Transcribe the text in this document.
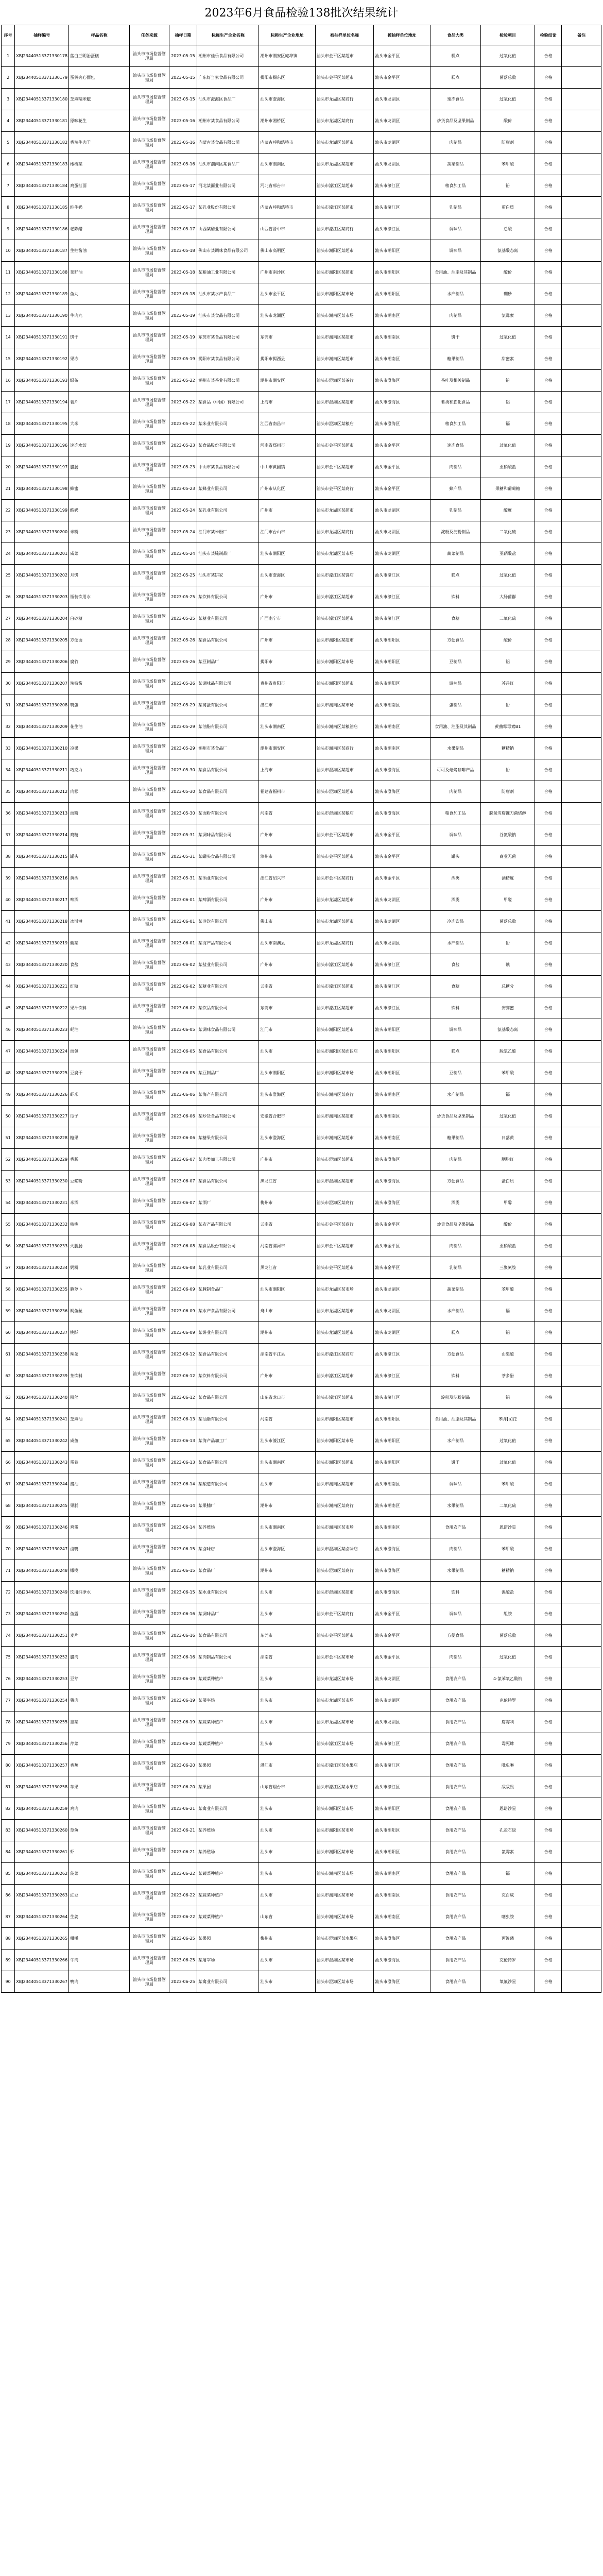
2023年6月食品检验138批次结果统计
序号	抽样编号	样品名称	任务来源	抽样日期	标称生产企业名称	标称生产企业地址	被抽样单位名称	被抽样单位地址	食品大类	检验项目	检验结论	备注
1	XBJ23440513371330178	蓝白三明治蛋糕	汕头市市场监督管理局	2023-05-15	潮州市佳乐食品有限公司	潮州市潮安区庵埠镇	汕头市金平区某超市	汕头市金平区	糕点	过氧化值	合格	
2	XBJ23440513371330179	蛋黄夹心面包	汕头市市场监督管理局	2023-05-15	广东好当家食品有限公司	揭阳市揭东区	汕头市金平区某超市	汕头市金平区	糕点	菌落总数	合格	
3	XBJ23440513371330180	芝麻糯米糍	汕头市市场监督管理局	2023-05-15	汕头市澄海区食品厂	汕头市澄海区	汕头市龙湖区某商行	汕头市龙湖区	速冻食品	过氧化值	合格	
4	XBJ23440513371330181	原味花生	汕头市市场监督管理局	2023-05-16	潮州市某食品有限公司	潮州市湘桥区	汕头市龙湖区某商行	汕头市龙湖区	炒货食品及坚果制品	酸价	合格	
5	XBJ23440513371330182	香辣牛肉干	汕头市市场监督管理局	2023-05-16	内蒙古某食品有限公司	内蒙古呼和浩特市	汕头市龙湖区某超市	汕头市龙湖区	肉制品	防腐剂	合格	
6	XBJ23440513371330183	橄榄菜	汕头市市场监督管理局	2023-05-16	汕头市潮南区某食品厂	汕头市潮南区	汕头市龙湖区某超市	汕头市龙湖区	蔬菜制品	苯甲酸	合格	
7	XBJ23440513371330184	鸡蛋挂面	汕头市市场监督管理局	2023-05-17	河北某面业有限公司	河北省邢台市	汕头市濠江区某超市	汕头市濠江区	粮食加工品	铅	合格	
8	XBJ23440513371330185	纯牛奶	汕头市市场监督管理局	2023-05-17	某乳业股份有限公司	内蒙古呼和浩特市	汕头市濠江区某超市	汕头市濠江区	乳制品	蛋白质	合格	
9	XBJ23440513371330186	老陈醋	汕头市市场监督管理局	2023-05-17	山西某醋业有限公司	山西省晋中市	汕头市濠江区某商行	汕头市濠江区	调味品	总酸	合格	
10	XBJ23440513371330187	生抽酱油	汕头市市场监督管理局	2023-05-18	佛山市某调味食品有限公司	佛山市高明区	汕头市潮阳区某超市	汕头市潮阳区	调味品	氨基酸态氮	合格	
11	XBJ23440513371330188	菜籽油	汕头市市场监督管理局	2023-05-18	某粮油工业有限公司	广州市南沙区	汕头市潮阳区某超市	汕头市潮阳区	食用油、油脂及其制品	酸价	合格	
12	XBJ23440513371330189	鱼丸	汕头市市场监督管理局	2023-05-18	汕头市某水产食品厂	汕头市金平区	汕头市潮阳区某市场	汕头市潮阳区	水产制品	硼砂	合格	
13	XBJ23440513371330190	牛肉丸	汕头市市场监督管理局	2023-05-19	汕头市某食品有限公司	汕头市龙湖区	汕头市潮南区某市场	汕头市潮南区	肉制品	氯霉素	合格	
14	XBJ23440513371330191	饼干	汕头市市场监督管理局	2023-05-19	东莞市某食品有限公司	东莞市	汕头市潮南区某超市	汕头市潮南区	饼干	过氧化值	合格	
15	XBJ23440513371330192	果冻	汕头市市场监督管理局	2023-05-19	揭阳市某食品有限公司	揭阳市揭西县	汕头市潮南区某超市	汕头市潮南区	糖果制品	甜蜜素	合格	
16	XBJ23440513371330193	绿茶	汕头市市场监督管理局	2023-05-22	潮州市某茶业有限公司	潮州市潮安区	汕头市澄海区某茶行	汕头市澄海区	茶叶及相关制品	铅	合格	
17	XBJ23440513371330194	薯片	汕头市市场监督管理局	2023-05-22	某食品（中国）有限公司	上海市	汕头市澄海区某超市	汕头市澄海区	薯类和膨化食品	铝	合格	
18	XBJ23440513371330195	大米	汕头市市场监督管理局	2023-05-22	某米业有限公司	江西省南昌市	汕头市澄海区某粮店	汕头市澄海区	粮食加工品	镉	合格	
19	XBJ23440513371330196	速冻水饺	汕头市市场监督管理局	2023-05-23	某食品股份有限公司	河南省郑州市	汕头市金平区某超市	汕头市金平区	速冻食品	过氧化值	合格	
20	XBJ23440513371330197	腊肠	汕头市市场监督管理局	2023-05-23	中山市某食品有限公司	中山市黄圃镇	汕头市金平区某超市	汕头市金平区	肉制品	亚硝酸盐	合格	
21	XBJ23440513371330198	蜂蜜	汕头市市场监督管理局	2023-05-23	某蜂业有限公司	广州市从化区	汕头市金平区某商行	汕头市金平区	蜂产品	果糖和葡萄糖	合格	
22	XBJ23440513371330199	酸奶	汕头市市场监督管理局	2023-05-24	某乳业有限公司	广州市	汕头市龙湖区某超市	汕头市龙湖区	乳制品	酸度	合格	
23	XBJ23440513371330200	米粉	汕头市市场监督管理局	2023-05-24	江门市某米粉厂	江门市台山市	汕头市龙湖区某商行	汕头市龙湖区	淀粉及淀粉制品	二氧化硫	合格	
24	XBJ23440513371330201	咸菜	汕头市市场监督管理局	2023-05-24	汕头市某腌制品厂	汕头市潮阳区	汕头市龙湖区某市场	汕头市龙湖区	蔬菜制品	亚硝酸盐	合格	
25	XBJ23440513371330202	月饼	汕头市市场监督管理局	2023-05-25	汕头市某饼家	汕头市澄海区	汕头市濠江区某饼店	汕头市濠江区	糕点	过氧化值	合格	
26	XBJ23440513371330203	瓶装饮用水	汕头市市场监督管理局	2023-05-25	某饮料有限公司	广州市	汕头市濠江区某超市	汕头市濠江区	饮料	大肠菌群	合格	
27	XBJ23440513371330204	白砂糖	汕头市市场监督管理局	2023-05-25	某糖业有限公司	广西南宁市	汕头市濠江区某超市	汕头市濠江区	食糖	二氧化硫	合格	
28	XBJ23440513371330205	方便面	汕头市市场监督管理局	2023-05-26	某食品有限公司	广州市	汕头市潮阳区某超市	汕头市潮阳区	方便食品	酸价	合格	
29	XBJ23440513371330206	腐竹	汕头市市场监督管理局	2023-05-26	某豆制品厂	揭阳市	汕头市潮阳区某市场	汕头市潮阳区	豆制品	铝	合格	
30	XBJ23440513371330207	辣椒酱	汕头市市场监督管理局	2023-05-26	某调味品有限公司	贵州省贵阳市	汕头市潮阳区某超市	汕头市潮阳区	调味品	苏丹红	合格	
31	XBJ23440513371330208	鸭蛋	汕头市市场监督管理局	2023-05-29	某禽蛋有限公司	湛江市	汕头市潮南区某市场	汕头市潮南区	蛋制品	铅	合格	
32	XBJ23440513371330209	花生油	汕头市市场监督管理局	2023-05-29	某油脂有限公司	汕头市潮南区	汕头市潮南区某粮油店	汕头市潮南区	食用油、油脂及其制品	黄曲霉毒素B1	合格	
33	XBJ23440513371330210	凉果	汕头市市场监督管理局	2023-05-29	潮州市某食品厂	潮州市潮安区	汕头市潮南区某商行	汕头市潮南区	水果制品	糖精钠	合格	
34	XBJ23440513371330211	巧克力	汕头市市场监督管理局	2023-05-30	某食品有限公司	上海市	汕头市澄海区某超市	汕头市澄海区	可可及焙烤咖啡产品	铅	合格	
35	XBJ23440513371330212	肉松	汕头市市场监督管理局	2023-05-30	某食品有限公司	福建省福州市	汕头市澄海区某超市	汕头市澄海区	肉制品	防腐剂	合格	
36	XBJ23440513371330213	面粉	汕头市市场监督管理局	2023-05-30	某面粉有限公司	河南省	汕头市澄海区某粮店	汕头市澄海区	粮食加工品	脱氧雪腐镰刀菌烯醇	合格	
37	XBJ23440513371330214	鸡精	汕头市市场监督管理局	2023-05-31	某调味品有限公司	广州市	汕头市金平区某超市	汕头市金平区	调味品	谷氨酸钠	合格	
38	XBJ23440513371330215	罐头	汕头市市场监督管理局	2023-05-31	某罐头食品有限公司	漳州市	汕头市金平区某超市	汕头市金平区	罐头	商业无菌	合格	
39	XBJ23440513371330216	黄酒	汕头市市场监督管理局	2023-05-31	某酒业有限公司	浙江省绍兴市	汕头市金平区某商行	汕头市金平区	酒类	酒精度	合格	
40	XBJ23440513371330217	啤酒	汕头市市场监督管理局	2023-06-01	某啤酒有限公司	广州市	汕头市龙湖区某超市	汕头市龙湖区	酒类	甲醛	合格	
41	XBJ23440513371330218	冰淇淋	汕头市市场监督管理局	2023-06-01	某冷饮有限公司	佛山市	汕头市龙湖区某超市	汕头市龙湖区	冷冻饮品	菌落总数	合格	
42	XBJ23440513371330219	紫菜	汕头市市场监督管理局	2023-06-01	某海产品有限公司	汕头市南澳县	汕头市龙湖区某商行	汕头市龙湖区	水产制品	铅	合格	
43	XBJ23440513371330220	食盐	汕头市市场监督管理局	2023-06-02	某盐业有限公司	广州市	汕头市濠江区某超市	汕头市濠江区	食盐	碘	合格	
44	XBJ23440513371330221	红糖	汕头市市场监督管理局	2023-06-02	某糖业有限公司	云南省	汕头市濠江区某超市	汕头市濠江区	食糖	总糖分	合格	
45	XBJ23440513371330222	果汁饮料	汕头市市场监督管理局	2023-06-02	某饮品有限公司	东莞市	汕头市濠江区某超市	汕头市濠江区	饮料	安赛蜜	合格	
46	XBJ23440513371330223	蚝油	汕头市市场监督管理局	2023-06-05	某调味食品有限公司	江门市	汕头市潮阳区某超市	汕头市潮阳区	调味品	氨基酸态氮	合格	
47	XBJ23440513371330224	面包	汕头市市场监督管理局	2023-06-05	某食品有限公司	汕头市	汕头市潮阳区某面包店	汕头市潮阳区	糕点	脱氢乙酸	合格	
48	XBJ23440513371330225	豆腐干	汕头市市场监督管理局	2023-06-05	某豆制品厂	汕头市潮阳区	汕头市潮阳区某市场	汕头市潮阳区	豆制品	苯甲酸	合格	
49	XBJ23440513371330226	虾米	汕头市市场监督管理局	2023-06-06	某海产有限公司	汕头市澄海区	汕头市潮南区某商行	汕头市潮南区	水产制品	镉	合格	
50	XBJ23440513371330227	瓜子	汕头市市场监督管理局	2023-06-06	某炒货食品有限公司	安徽省合肥市	汕头市潮南区某超市	汕头市潮南区	炒货食品及坚果制品	过氧化值	合格	
51	XBJ23440513371330228	糖果	汕头市市场监督管理局	2023-06-06	某糖果有限公司	汕头市澄海区	汕头市潮南区某超市	汕头市潮南区	糖果制品	日落黄	合格	
52	XBJ23440513371330229	香肠	汕头市市场监督管理局	2023-06-07	某肉类加工有限公司	广州市	汕头市澄海区某超市	汕头市澄海区	肉制品	胭脂红	合格	
53	XBJ23440513371330230	豆浆粉	汕头市市场监督管理局	2023-06-07	某食品有限公司	黑龙江省	汕头市澄海区某超市	汕头市澄海区	方便食品	蛋白质	合格	
54	XBJ23440513371330231	米酒	汕头市市场监督管理局	2023-06-07	某酒厂	梅州市	汕头市澄海区某商行	汕头市澄海区	酒类	甲醇	合格	
55	XBJ23440513371330232	核桃	汕头市市场监督管理局	2023-06-08	某农产品有限公司	云南省	汕头市金平区某商行	汕头市金平区	炒货食品及坚果制品	酸价	合格	
56	XBJ23440513371330233	火腿肠	汕头市市场监督管理局	2023-06-08	某食品股份有限公司	河南省漯河市	汕头市金平区某超市	汕头市金平区	肉制品	亚硝酸盐	合格	
57	XBJ23440513371330234	奶粉	汕头市市场监督管理局	2023-06-08	某乳业有限公司	黑龙江省	汕头市金平区某超市	汕头市金平区	乳制品	三聚氰胺	合格	
58	XBJ23440513371330235	腌萝卜	汕头市市场监督管理局	2023-06-09	某腌制食品厂	汕头市潮阳区	汕头市龙湖区某市场	汕头市龙湖区	蔬菜制品	苯甲酸	合格	
59	XBJ23440513371330236	鱿鱼丝	汕头市市场监督管理局	2023-06-09	某水产食品有限公司	舟山市	汕头市龙湖区某超市	汕头市龙湖区	水产制品	镉	合格	
60	XBJ23440513371330237	桃酥	汕头市市场监督管理局	2023-06-09	某饼业有限公司	潮州市	汕头市龙湖区某超市	汕头市龙湖区	糕点	铝	合格	
61	XBJ23440513371330238	辣条	汕头市市场监督管理局	2023-06-12	某食品有限公司	湖南省平江县	汕头市濠江区某商店	汕头市濠江区	方便食品	山梨酸	合格	
62	XBJ23440513371330239	茶饮料	汕头市市场监督管理局	2023-06-12	某饮料有限公司	广州市	汕头市濠江区某超市	汕头市濠江区	饮料	茶多酚	合格	
63	XBJ23440513371330240	粉丝	汕头市市场监督管理局	2023-06-12	某食品有限公司	山东省龙口市	汕头市濠江区某超市	汕头市濠江区	淀粉及淀粉制品	铝	合格	
64	XBJ23440513371330241	芝麻油	汕头市市场监督管理局	2023-06-13	某油脂有限公司	河南省	汕头市潮阳区某超市	汕头市潮阳区	食用油、油脂及其制品	苯并[a]芘	合格	
65	XBJ23440513371330242	咸鱼	汕头市市场监督管理局	2023-06-13	某海产品加工厂	汕头市濠江区	汕头市潮阳区某市场	汕头市潮阳区	水产制品	过氧化值	合格	
66	XBJ23440513371330243	蛋卷	汕头市市场监督管理局	2023-06-13	某食品有限公司	汕头市潮南区	汕头市潮阳区某超市	汕头市潮阳区	饼干	过氧化值	合格	
67	XBJ23440513371330244	酱油	汕头市市场监督管理局	2023-06-14	某酿造有限公司	汕头市	汕头市潮南区某超市	汕头市潮南区	调味品	苯甲酸	合格	
68	XBJ23440513371330245	果脯	汕头市市场监督管理局	2023-06-14	某果脯厂	潮州市	汕头市潮南区某商行	汕头市潮南区	水果制品	二氧化硫	合格	
69	XBJ23440513371330246	鸡蛋	汕头市市场监督管理局	2023-06-14	某养殖场	汕头市潮南区	汕头市潮南区某市场	汕头市潮南区	食用农产品	恩诺沙星	合格	
70	XBJ23440513371330247	卤鸭	汕头市市场监督管理局	2023-06-15	某卤味店	汕头市澄海区	汕头市澄海区某卤味店	汕头市澄海区	肉制品	苯甲酸	合格	
71	XBJ23440513371330248	橄榄	汕头市市场监督管理局	2023-06-15	某食品厂	潮州市	汕头市澄海区某商行	汕头市澄海区	水果制品	糖精钠	合格	
72	XBJ23440513371330249	饮用纯净水	汕头市市场监督管理局	2023-06-15	某水业有限公司	汕头市	汕头市澄海区某超市	汕头市澄海区	饮料	溴酸盐	合格	
73	XBJ23440513371330250	鱼露	汕头市市场监督管理局	2023-06-16	某调味品厂	汕头市	汕头市金平区某商行	汕头市金平区	调味品	组胺	合格	
74	XBJ23440513371330251	麦片	汕头市市场监督管理局	2023-06-16	某食品有限公司	东莞市	汕头市金平区某超市	汕头市金平区	方便食品	菌落总数	合格	
75	XBJ23440513371330252	腊肉	汕头市市场监督管理局	2023-06-16	某肉制品有限公司	湖南省	汕头市金平区某市场	汕头市金平区	肉制品	过氧化值	合格	
76	XBJ23440513371330253	豆芽	汕头市市场监督管理局	2023-06-19	某蔬菜种植户	汕头市	汕头市龙湖区某市场	汕头市龙湖区	食用农产品	4-氯苯氧乙酸钠	合格	
77	XBJ23440513371330254	猪肉	汕头市市场监督管理局	2023-06-19	某屠宰场	汕头市	汕头市龙湖区某市场	汕头市龙湖区	食用农产品	克伦特罗	合格	
78	XBJ23440513371330255	韭菜	汕头市市场监督管理局	2023-06-19	某蔬菜种植户	汕头市	汕头市龙湖区某市场	汕头市龙湖区	食用农产品	腐霉利	合格	
79	XBJ23440513371330256	芹菜	汕头市市场监督管理局	2023-06-20	某蔬菜种植户	汕头市	汕头市濠江区某市场	汕头市濠江区	食用农产品	毒死蜱	合格	
80	XBJ23440513371330257	香蕉	汕头市市场监督管理局	2023-06-20	某果园	湛江市	汕头市濠江区某水果店	汕头市濠江区	食用农产品	吡虫啉	合格	
81	XBJ23440513371330258	苹果	汕头市市场监督管理局	2023-06-20	某果园	山东省烟台市	汕头市濠江区某水果店	汕头市濠江区	食用农产品	敌敌畏	合格	
82	XBJ23440513371330259	鸡肉	汕头市市场监督管理局	2023-06-21	某禽业有限公司	汕头市	汕头市潮阳区某市场	汕头市潮阳区	食用农产品	恩诺沙星	合格	
83	XBJ23440513371330260	草鱼	汕头市市场监督管理局	2023-06-21	某养殖场	汕头市	汕头市潮阳区某市场	汕头市潮阳区	食用农产品	孔雀石绿	合格	
84	XBJ23440513371330261	虾	汕头市市场监督管理局	2023-06-21	某养殖场	汕头市	汕头市潮阳区某市场	汕头市潮阳区	食用农产品	氯霉素	合格	
85	XBJ23440513371330262	菠菜	汕头市市场监督管理局	2023-06-22	某蔬菜种植户	汕头市	汕头市潮南区某市场	汕头市潮南区	食用农产品	镉	合格	
86	XBJ23440513371330263	豇豆	汕头市市场监督管理局	2023-06-22	某蔬菜种植户	汕头市	汕头市潮南区某市场	汕头市潮南区	食用农产品	克百威	合格	
87	XBJ23440513371330264	生姜	汕头市市场监督管理局	2023-06-22	某蔬菜种植户	山东省	汕头市潮南区某市场	汕头市潮南区	食用农产品	噻虫胺	合格	
88	XBJ23440513371330265	柑橘	汕头市市场监督管理局	2023-06-25	某果园	梅州市	汕头市澄海区某水果店	汕头市澄海区	食用农产品	丙溴磷	合格	
89	XBJ23440513371330266	牛肉	汕头市市场监督管理局	2023-06-25	某屠宰场	汕头市	汕头市澄海区某市场	汕头市澄海区	食用农产品	克伦特罗	合格	
90	XBJ23440513371330267	鸭肉	汕头市市场监督管理局	2023-06-25	某禽业有限公司	汕头市	汕头市澄海区某市场	汕头市澄海区	食用农产品	氧氟沙星	合格	
